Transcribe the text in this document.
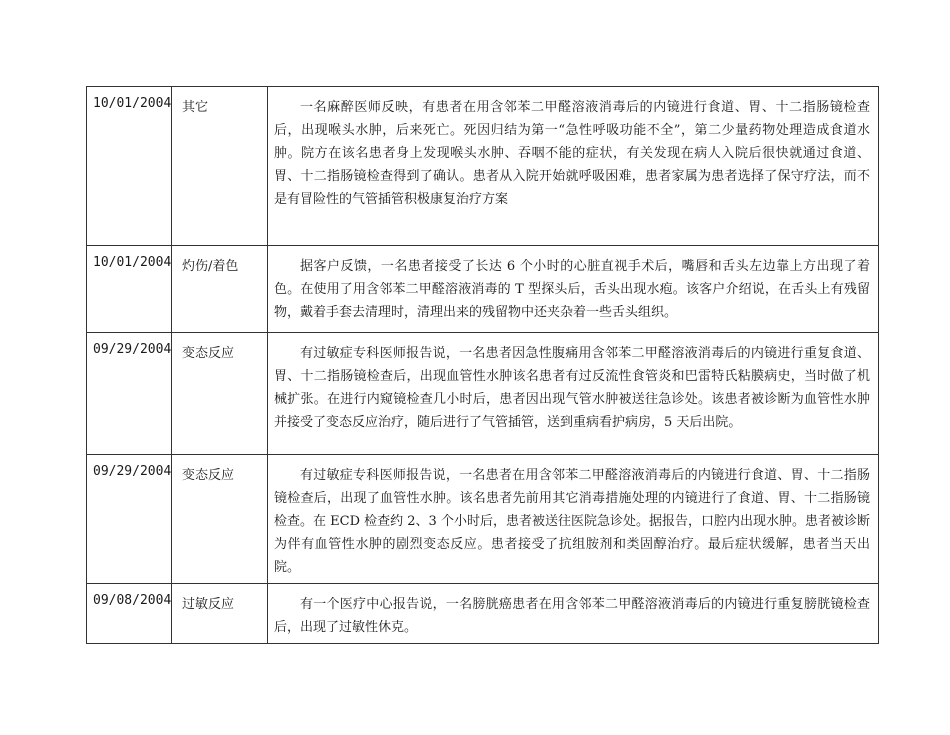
10/01/2004	其它	一名麻醉医师反映，有患者在用含邻苯二甲醛溶液消毒后的内镜进行食道、胃、十二指肠镜检查后，出现喉头水肿，后来死亡。死因归结为第一“急性呼吸功能不全”，第二少量药物处理造成食道水肿。院方在该名患者身上发现喉头水肿、吞咽不能的症状，有关发现在病人入院后很快就通过食道、胃、十二指肠镜检查得到了确认。患者从入院开始就呼吸困难，患者家属为患者选择了保守疗法，而不是有冒险性的气管插管积极康复治疗方案
10/01/2004	灼伤/着色	据客户反馈，一名患者接受了长达 6 个小时的心脏直视手术后，嘴唇和舌头左边靠上方出现了着色。在使用了用含邻苯二甲醛溶液消毒的 T 型探头后，舌头出现水疱。该客户介绍说，在舌头上有残留物，戴着手套去清理时，清理出来的残留物中还夹杂着一些舌头组织。
09/29/2004	变态反应	有过敏症专科医师报告说，一名患者因急性腹痛用含邻苯二甲醛溶液消毒后的内镜进行重复食道、胃、十二指肠镜检查后，出现血管性水肿该名患者有过反流性食管炎和巴雷特氏粘膜病史，当时做了机械扩张。在进行内窥镜检查几小时后，患者因出现气管水肿被送往急诊处。该患者被诊断为血管性水肿并接受了变态反应治疗，随后进行了气管插管，送到重病看护病房，5 天后出院。
09/29/2004	变态反应	有过敏症专科医师报告说，一名患者在用含邻苯二甲醛溶液消毒后的内镜进行食道、胃、十二指肠镜检查后，出现了血管性水肿。该名患者先前用其它消毒措施处理的内镜进行了食道、胃、十二指肠镜检查。在 ECD 检查约 2、3 个小时后，患者被送往医院急诊处。据报告，口腔内出现水肿。患者被诊断为伴有血管性水肿的剧烈变态反应。患者接受了抗组胺剂和类固醇治疗。最后症状缓解，患者当天出院。
09/08/2004	过敏反应	有一个医疗中心报告说，一名膀胱癌患者在用含邻苯二甲醛溶液消毒后的内镜进行重复膀胱镜检查后，出现了过敏性休克。
